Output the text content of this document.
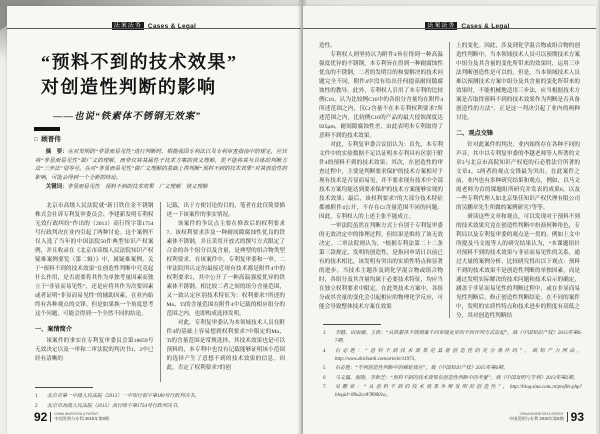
法案法务 Cases & Legal
“预料不到的技术效果”
对创造性判断的影响
——也说“铁素体不锈钢无效案”
□ 顾晋伟

摘　要：在对发明的“非显而易见性”进行判断时，根据我国专利法以及专利审查指南中的规定，应该将“非显而易见性”做广义的理解，而非仅将其属性于技术方案的狭义理解，更不能将其与具体的判断方法“三步法”划等号。在对“非显而易见性”做广义理解的基础上再判断“预料不到的技术效果”对其创造性的影响，可能会得到一个全新的结论。

关键词：非显而易见性　预料不到的技术效果　广义理解　狭义理解

北京市高级人民法院就“新日铁住金不锈钢株式会社诉专利复审委员会、李建新发明专利权无效行政纠纷”作出的（2013）高行终字第1754号行政判决在业内引起了两种讨论。这个案例不仅入选了当年的中国法院50件典型知识产权案例，并且收录在《北京市高级人民法院知识产权疑难案例要览（第二辑）》中，属疑难案例。关于“预料不到的技术效果”在创造性判断中究竟起什么作用，是否需要将其作为单独考量因素而独立于“非显而易见性”，还是应将其作为次要因素或者证明“非显而易见性”的辅助因素，在业内始终有各种观点的交锋。但是如果换一个角度思考这个问题，可能会得到一个全然不同的结论。

一、案情简介

该案件的事实在专利复审委员会第18659号无效决定以及一审和二审法院的判决书1、2中已经有清晰的

记载，出于方便讨论的目的，笔者在此仅简要描述一下该案件的事实情况。

该案件的争议点主要在修改后的权利要求7。该权利要求涉及一种耐间隙腐蚀性优良的铁素体不锈钢，并且采用开放式的撰写方式限定了合金的各个组分以及含量，是典型的组合物类型权利要求。在该案件中，专利复审委和一审、二审法院所认定的最接近现有技术都是附件4中的权利要求5，其中公开了一种高温强度优异的铁素体不锈钢。相比较二者之间的组分含量范围，又一致认定区别技术特征为：权利要求7所述的Mo、Ti的含量范围在附件4中记载的相应组分的范围之内，也即构成选择发明。

对此，专利复审委认为本领域技术人员在附件4的基础上容易想到权利要求7中限定的Mo、Ti的含量范围是常规选择，其技术效果也是可以预料的，本专利中也没有记载能够证明该小范围的选择产生了意想不到的技术效果的信息。因此，否定了权利要求7的创

1	北京市第一中级人民法院（2013）一中知行初字第180号行政判决书。
2	北京市高级人民法院（2013）高行终字第1754号行政判决书。
92 CHINA INVENTION & PATENT
中国发明与专利 2015年第9期
法案法务 Cases & Legal

造性。

专利权人则坚持认为附件4旨在得到一种高温强度优异的不锈钢，本专利旨在得到一种耐腐蚀性优良的不锈钢，二者的发明目的和要解决的技术问题完全不同，附件4中没有给出任何提高耐间隙腐蚀性的教导。此外，专利权人引用了本专利的比较例C16，认为比较例C16中的各组分含量均在附件4所述范围之内，仅Cr含量不在本专利权利要求7所述范围之内，比较例C16的产品的最大侵蚀深度达925μm，耐间隙腐蚀性差，由此表明本专利取得了意料不到的技术效果。

对此，专利复审委合议组认为：首先，本专利文件中的实验数据不足以证明本专利具有区别于附件4的预料不到的技术效果；其次，在创造性的审查过程中，主要是判断要求保护的技术方案相对于现有技术是否显而易见，并不要求现有技术中全部技术方案均能达到要求保护的技术方案能够实现的技术效果；最后，该权利要求7的大部分技术特征都被附件4公开，不存在Cr含量范围不同的问题。因此，专利权人的上述主张不能成立。

一审法院虽然在判断方式上有别于专利复审委的无效决定中的推理过程，但结果是维持了该无效决定。二审法院则认为，“根据专利法第二十二条第三款规定，发明的创造性，是指同申请日以前已有的技术相比，该发明有突出的实质性特点和显著的进步。当技术主题涉及到化学混合物或组合物时，各组分及其含量均属于必要技术特征，均应当在独立权利要求中限定。在此类技术方案中，各组分或其含量的变化会引起相应的物理化学反应，可能会导致整体技术方案在效果

上的变化。因此，涉及到化学混合物或组合物的创造性判断中，当本领域技术人员可以预期技术方案中组分及其含量的变化所带来的效果时，运用三步法判断创造性是可以的。但是，当本领域技术人员难以预测技术方案中组分及其含量的变化所带来的效果时，不能机械地适用三步法，应当根据技术方案是否取得预料不到的技术效果作为判断是否具备创造性的方法”。正是这一判决引起了业内的两种讨论。

二、观点交锋

针对此案件的判决，业内始终存在各种不同的声音，其中以专利复审委的李越老师等人所著的文章3与北京市高院知识产权庭的石必胜法官所著的文章4、5两者的观点交锋最为突出。在此案件之前，业内也有多种研究结果和观点，例如，以马文霞老师为首的课题组所研究并发表的成果6，以及一些专利代理人如北京集佳知识产权代理有限公司的吴鹏章先生所做的案例研究7等等。

研读这些文章和观点，可以发现对于预料不到的技术效果究竟在创造性判断中扮演何种角色，专利局以及专利复审委的观点是一贯的，例如上文中所提及马文霞等人的研究结果认为，“本课题组针对预料不到的技术效果与非显而易见性的关系，通过大量的案例分析、比较研究得出以下观点：预料不到的技术效果不是创造性判断的单独因素，而是通过发明实际解决的技术问题和技术启示的确定，涵盖于非显而易见性的判断过程中，或在非显而易见性判断后，修正创造性判断结论。在不同的案件中，发明的实质性特点和技术进步的程度有高低之分，其对创造性判断结

3	李越、田雨湘、王轶：“从铁素体不锈钢案不同审级复审的不同评判方式说起”，载《中国知识产权》2015年第6-7期。
4	石必胜：“意料不到技术效果是具备创造性的充分条件吗”，载知产力网站，http://www.zhichanli.com/article/11973。
5	石必胜：“专利创造性判断中的棘轮效应”，载《中国知识产权》2015年第6期。
6	马文霞、倪晓、李新芝：“预料不到的技术效果在创造性判断中的考量”，载《中国发明与专利》2013年第2期。
7	吴鹏章：“从意料不到的技术效果争辩发明的创造性”，http://blog.sina.com.cn/profile.php?blogid=89a2cc8789001a。
93
CHINA INVENTION & PATENT
中国发明与专利 2015年第9期
